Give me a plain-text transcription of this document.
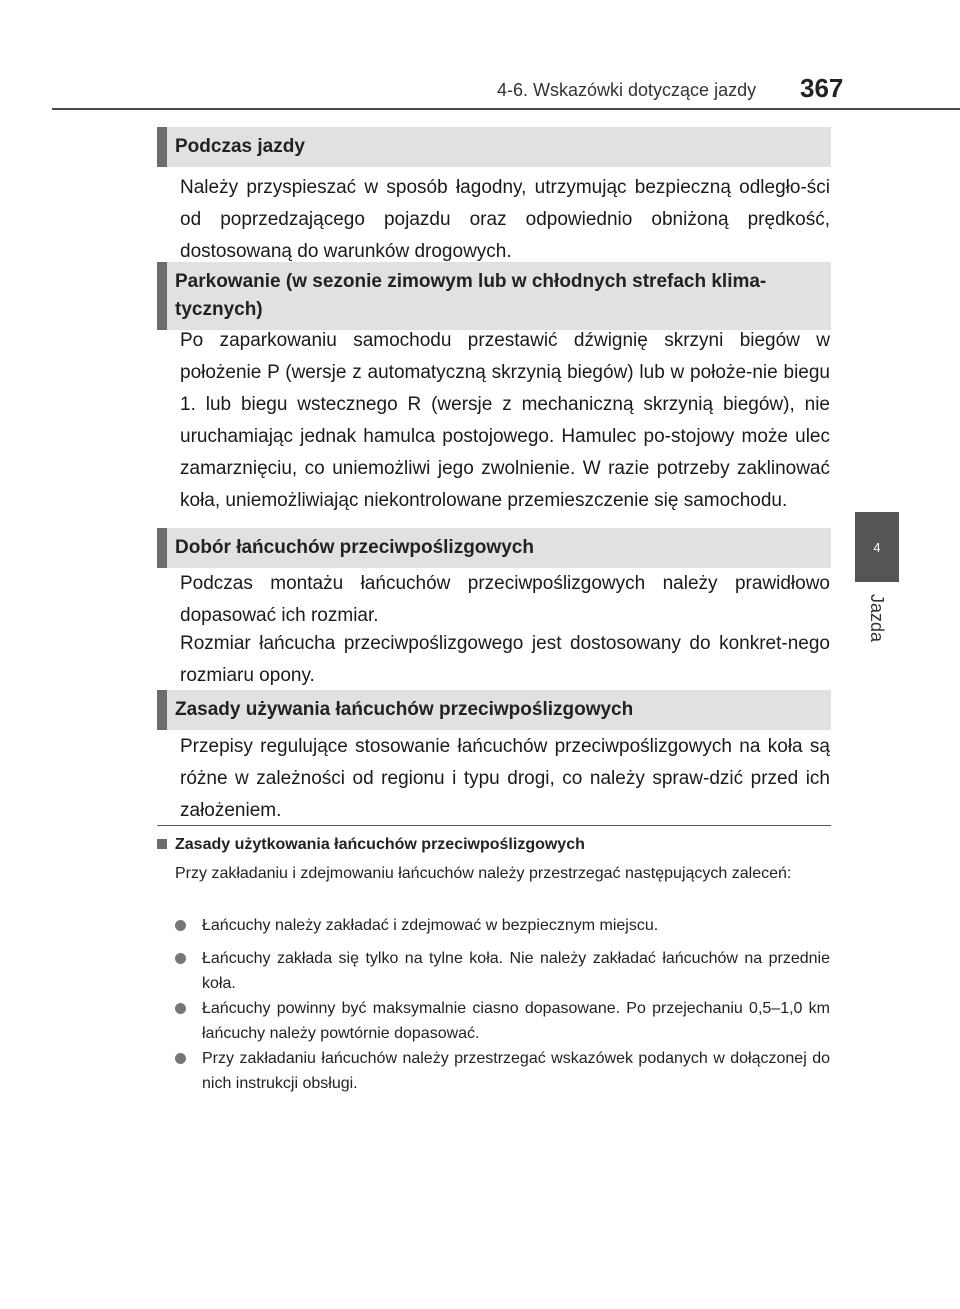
4-6. Wskazówki dotyczące jazdy 367
4
Jazda
Podczas jazdy

Należy przyspieszać w sposób łagodny, utrzymując bezpieczną odległo-ści od poprzedzającego pojazdu oraz odpowiednio obniżoną prędkość, dostosowaną do warunków drogowych.

Parkowanie (w sezonie zimowym lub w chłodnych strefach klima-tycznych)

Po zaparkowaniu samochodu przestawić dźwignię skrzyni biegów w położenie P (wersje z automatyczną skrzynią biegów) lub w położe-nie biegu 1. lub biegu wstecznego R (wersje z mechaniczną skrzynią biegów), nie uruchamiając jednak hamulca postojowego. Hamulec po-stojowy może ulec zamarznięciu, co uniemożliwi jego zwolnienie. W razie potrzeby zaklinować koła, uniemożliwiając niekontrolowane przemieszczenie się samochodu.

Dobór łańcuchów przeciwpoślizgowych

Podczas montażu łańcuchów przeciwpoślizgowych należy prawidłowo dopasować ich rozmiar.

Rozmiar łańcucha przeciwpoślizgowego jest dostosowany do konkret-nego rozmiaru opony.

Zasady używania łańcuchów przeciwpoślizgowych

Przepisy regulujące stosowanie łańcuchów przeciwpoślizgowych na koła są różne w zależności od regionu i typu drogi, co należy spraw-dzić przed ich założeniem.

Zasady użytkowania łańcuchów przeciwpoślizgowych

Przy zakładaniu i zdejmowaniu łańcuchów należy przestrzegać następujących zaleceń:

Łańcuchy należy zakładać i zdejmować w bezpiecznym miejscu.
Łańcuchy zakłada się tylko na tylne koła. Nie należy zakładać łańcuchów na przednie koła.
Łańcuchy powinny być maksymalnie ciasno dopasowane. Po przejechaniu 0,5–1,0 km łańcuchy należy powtórnie dopasować.
Przy zakładaniu łańcuchów należy przestrzegać wskazówek podanych w dołączonej do nich instrukcji obsługi.
